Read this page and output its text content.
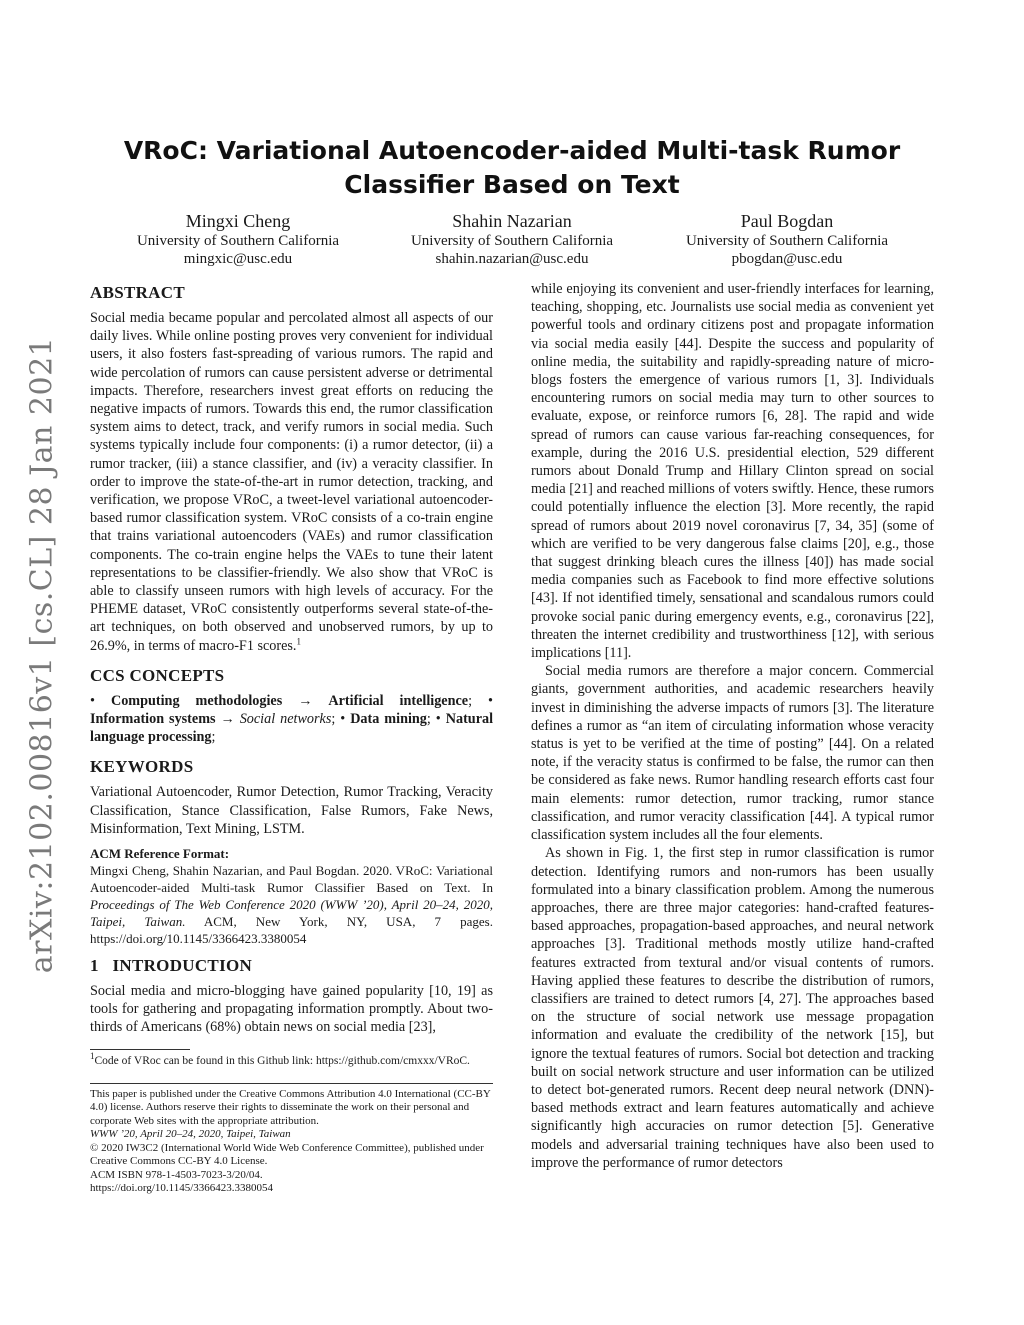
arXiv:2102.00816v1 [cs.CL] 28 Jan 2021
VRoC: Variational Autoencoder-aided Multi-task Rumor
Classifier Based on Text
Mingxi Cheng
University of Southern California
mingxic@usc.edu
Shahin Nazarian
University of Southern California
shahin.nazarian@usc.edu
Paul Bogdan
University of Southern California
pbogdan@usc.edu
ABSTRACT

Social media became popular and percolated almost all aspects of our daily lives. While online posting proves very convenient for individual users, it also fosters fast-spreading of various rumors. The rapid and wide percolation of rumors can cause persistent adverse or detrimental impacts. Therefore, researchers invest great efforts on reducing the negative impacts of rumors. Towards this end, the rumor classification system aims to detect, track, and verify rumors in social media. Such systems typically include four components: (i) a rumor detector, (ii) a rumor tracker, (iii) a stance classifier, and (iv) a veracity classifier. In order to improve the state-of-the-art in rumor detection, tracking, and verification, we propose VRoC, a tweet-level variational autoencoder-based rumor classification system. VRoC consists of a co-train engine that trains variational autoencoders (VAEs) and rumor classification components. The co-train engine helps the VAEs to tune their latent representations to be classifier-friendly. We also show that VRoC is able to classify unseen rumors with high levels of accuracy. For the PHEME dataset, VRoC consistently outperforms several state-of-the-art techniques, on both observed and unobserved rumors, by up to 26.9%, in terms of macro-F1 scores.$^1$

CCS CONCEPTS

• Computing methodologies → Artificial intelligence; • Information systems → Social networks; • Data mining; • Natural language processing;

KEYWORDS

Variational Autoencoder, Rumor Detection, Rumor Tracking, Veracity Classification, Stance Classification, False Rumors, Fake News, Misinformation, Text Mining, LSTM.

ACM Reference Format:

Mingxi Cheng, Shahin Nazarian, and Paul Bogdan. 2020. VRoC: Variational Autoencoder-aided Multi-task Rumor Classifier Based on Text. In Proceedings of The Web Conference 2020 (WWW ’20), April 20–24, 2020, Taipei, Taiwan. ACM, New York, NY, USA, 7 pages. https://doi.org/10.1145/3366423.3380054

1 INTRODUCTION

Social media and micro-blogging have gained popularity [10, 19] as tools for gathering and propagating information promptly. About two-thirds of Americans (68%) obtain news on social media [23],

$^1$Code of VRoc can be found in this Github link: https://github.com/cmxxx/VRoC.

This paper is published under the Creative Commons Attribution 4.0 International (CC-BY 4.0) license. Authors reserve their rights to disseminate the work on their personal and corporate Web sites with the appropriate attribution.
WWW ’20, April 20–24, 2020, Taipei, Taiwan
© 2020 IW3C2 (International World Wide Web Conference Committee), published under Creative Commons CC-BY 4.0 License.
ACM ISBN 978-1-4503-7023-3/20/04.
https://doi.org/10.1145/3366423.3380054

while enjoying its convenient and user-friendly interfaces for learning, teaching, shopping, etc. Journalists use social media as convenient yet powerful tools and ordinary citizens post and propagate information via social media easily [44]. Despite the success and popularity of online media, the suitability and rapidly-spreading nature of micro-blogs fosters the emergence of various rumors [1, 3]. Individuals encountering rumors on social media may turn to other sources to evaluate, expose, or reinforce rumors [6, 28]. The rapid and wide spread of rumors can cause various far-reaching consequences, for example, during the 2016 U.S. presidential election, 529 different rumors about Donald Trump and Hillary Clinton spread on social media [21] and reached millions of voters swiftly. Hence, these rumors could potentially influence the election [3]. More recently, the rapid spread of rumors about 2019 novel coronavirus [7, 34, 35] (some of which are verified to be very dangerous false claims [20], e.g., those that suggest drinking bleach cures the illness [40]) has made social media companies such as Facebook to find more effective solutions [43]. If not identified timely, sensational and scandalous rumors could provoke social panic during emergency events, e.g., coronavirus [22], threaten the internet credibility and trustworthiness [12], with serious implications [11].

Social media rumors are therefore a major concern. Commercial giants, government authorities, and academic researchers heavily invest in diminishing the adverse impacts of rumors [3]. The literature defines a rumor as “an item of circulating information whose veracity status is yet to be verified at the time of posting” [44]. On a related note, if the veracity status is confirmed to be false, the rumor can then be considered as fake news. Rumor handling research efforts cast four main elements: rumor detection, rumor tracking, rumor stance classification, and rumor veracity classification [44]. A typical rumor classification system includes all the four elements.

As shown in Fig. 1, the first step in rumor classification is rumor detection. Identifying rumors and non-rumors has been usually formulated into a binary classification problem. Among the numerous approaches, there are three major categories: hand-crafted features-based approaches, propagation-based approaches, and neural network approaches [3]. Traditional methods mostly utilize hand-crafted features extracted from textural and/or visual contents of rumors. Having applied these features to describe the distribution of rumors, classifiers are trained to detect rumors [4, 27]. The approaches based on the structure of social network use message propagation information and evaluate the credibility of the network [15], but ignore the textual features of rumors. Social bot detection and tracking built on social network structure and user information can be utilized to detect bot-generated rumors. Recent deep neural network (DNN)-based methods extract and learn features automatically and achieve significantly high accuracies on rumor detection [5]. Generative models and adversarial training techniques have also been used to improve the performance of rumor detectors
